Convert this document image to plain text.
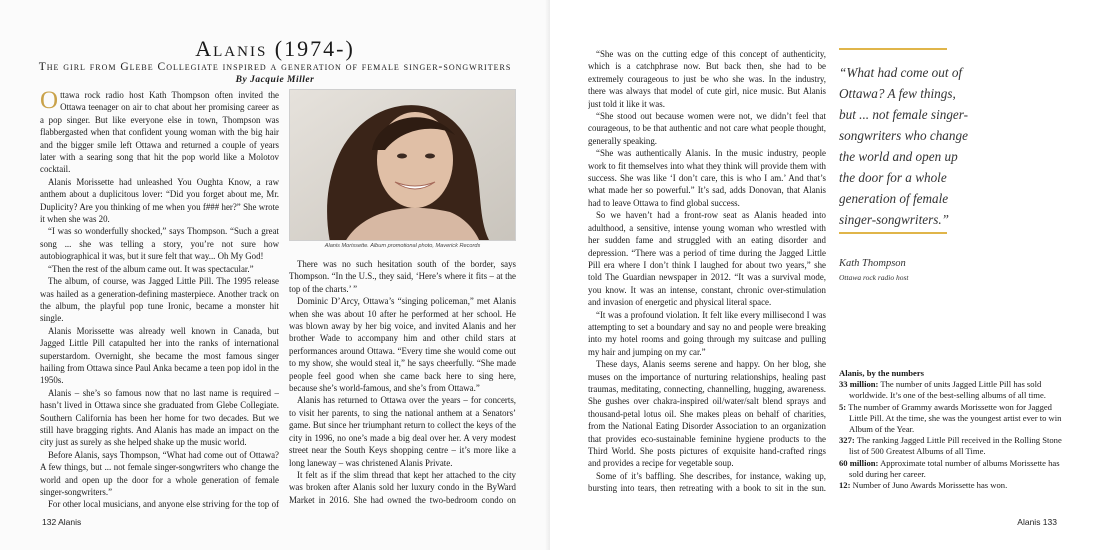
Alanis (1974-)
The girl from Glebe Collegiate inspired a generation of female singer-songwriters
By Jacquie Miller

Ottawa rock radio host Kath Thompson often invited the Ottawa teenager on air to chat about her promising career as a pop singer. But like everyone else in town, Thompson was flabbergasted when that confident young woman with the big hair and the bigger smile left Ottawa and returned a couple of years later with a searing song that hit the pop world like a Molotov cocktail.

Alanis Morissette had unleashed You Oughta Know, a raw anthem about a duplicitous lover: “Did you forget about me, Mr. Duplicity? Are you thinking of me when you f### her?” She wrote it when she was 20.

“I was so wonderfully shocked,” says Thompson. “Such a great song ... she was telling a story, you’re not sure how autobiographical it was, but it sure felt that way... Oh My God!

“Then the rest of the album came out. It was spectacular.”

The album, of course, was Jagged Little Pill. The 1995 release was hailed as a generation-defining masterpiece. Another track on the album, the playful pop tune Ironic, became a monster hit single.

Alanis Morissette was already well known in Canada, but Jagged Little Pill catapulted her into the ranks of international superstardom. Overnight, she became the most famous singer hailing from Ottawa since Paul Anka became a teen pop idol in the 1950s.

Alanis – she’s so famous now that no last name is required – hasn’t lived in Ottawa since she graduated from Glebe Collegiate. Southern California has been her home for two decades. But we still have bragging rights. And Alanis has made an impact on the city just as surely as she helped shake up the music world.

Before Alanis, says Thompson, “What had come out of Ottawa? A few things, but ... not female singer-songwriters who change the world and open up the door for a whole generation of female singer-songwriters.”

For other local musicians, and anyone else striving for the top of

Alanis Morissette. Album promotional photo, Maverick Records

There was no such hesitation south of the border, says Thompson. “In the U.S., they said, ‘Here’s where it fits – at the top of the charts.’ ”

Dominic D’Arcy, Ottawa’s “singing policeman,” met Alanis when she was about 10 after he performed at her school. He was blown away by her big voice, and invited Alanis and her brother Wade to accompany him and other child stars at performances around Ottawa. “Every time she would come out to my show, she would steal it,” he says cheerfully. “She made people feel good when she came back here to sing here, because she’s world-famous, and she’s from Ottawa.”

Alanis has returned to Ottawa over the years – for concerts, to visit her parents, to sing the national anthem at a Senators’ game. But since her triumphant return to collect the keys of the city in 1996, no one’s made a big deal over her. A very modest street near the South Keys shopping centre – it’s more like a long laneway – was christened Alanis Private.

It felt as if the slim thread that kept her attached to the city was broken after Alanis sold her luxury condo in the ByWard Market in 2016. She had owned the two-bedroom condo on

132 Alanis

“She was on the cutting edge of this concept of authenticity, which is a catchphrase now. But back then, she had to be extremely courageous to just be who she was. In the industry, there was always that model of cute girl, nice music. But Alanis just told it like it was.

“She stood out because women were not, we didn’t feel that courageous, to be that authentic and not care what people thought, generally speaking.

“She was authentically Alanis. In the music industry, people work to fit themselves into what they think will provide them with success. She was like ‘I don’t care, this is who I am.’ And that’s what made her so powerful.” It’s sad, adds Donovan, that Alanis had to leave Ottawa to find global success.

So we haven’t had a front-row seat as Alanis headed into adulthood, a sensitive, intense young woman who wrestled with her sudden fame and struggled with an eating disorder and depression. “There was a period of time during the Jagged Little Pill era where I don’t think I laughed for about two years,” she told The Guardian newspaper in 2012. “It was a survival mode, you know. It was an intense, constant, chronic over-stimulation and invasion of energetic and physical literal space.

“It was a profound violation. It felt like every millisecond I was attempting to set a boundary and say no and people were breaking into my hotel rooms and going through my suitcase and pulling my hair and jumping on my car.”

These days, Alanis seems serene and happy. On her blog, she muses on the importance of nurturing relationships, healing past traumas, meditating, connecting, channelling, hugging, awareness. She gushes over chakra-inspired oil/water/salt blend sprays and thousand-petal lotus oil. She makes pleas on behalf of charities, from the National Eating Disorder Association to an organization that provides eco-sustainable feminine hygiene products to the Third World. She posts pictures of exquisite hand-crafted rings and provides a recipe for vegetable soup.

Some of it’s baffling. She describes, for instance, waking up, bursting into tears, then retreating with a book to sit in the sun.

“What had come out of Ottawa? A few things, but ... not female singer-songwriters who change the world and open up the door for a whole generation of female singer-songwriters.”
Kath Thompson
Ottawa rock radio host
Alanis, by the numbers
33 million: The number of units Jagged Little Pill has sold worldwide. It’s one of the best-selling albums of all time.
5: The number of Grammy awards Morissette won for Jagged Little Pill. At the time, she was the youngest artist ever to win Album of the Year.
327: The ranking Jagged Little Pill received in the Rolling Stone list of 500 Greatest Albums of all Time.
60 million: Approximate total number of albums Morissette has sold during her career.
12: Number of Juno Awards Morissette has won.
Alanis 133
